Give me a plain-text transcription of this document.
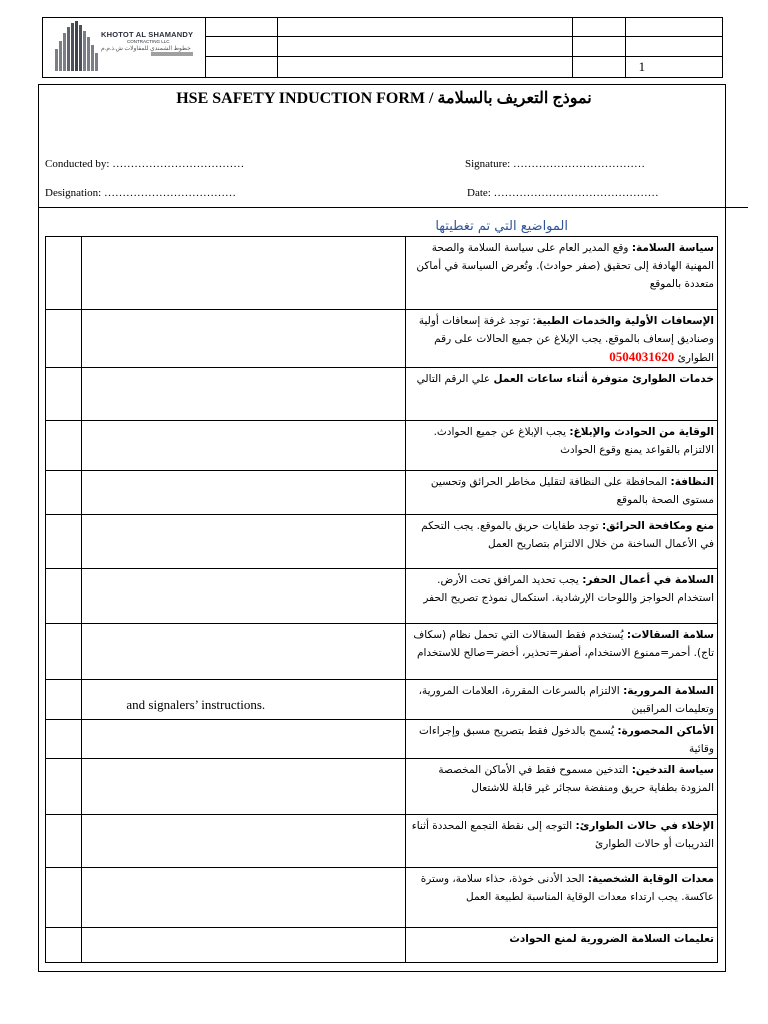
				1
KHOTOT AL SHAMANDY
CONTRACTING LLC
خطوط الشمندي للمقاولات ش.ذ.م.م
HSE SAFETY INDUCTION FORM / نموذج التعريف بالسلامة
Conducted by: ………………………………	Signature: ………………………………
Designation: ………………………………	Date: ………………………………………
المواضيع التي تم تغطيتها

	سياسة السلامة: وقع المدير العام على سياسة السلامة والصحة المهنية الهادفة إلى تحقيق (صفر حوادث). وتُعرض السياسة في أماكن متعددة بالموقع

	الإسعافات الأولية والخدمات الطبية: توجد غرفة إسعافات أولية وصناديق إسعاف بالموقع. يجب الإبلاغ عن جميع الحالات على رقم الطوارئ 0504031620

	خدمات الطوارئ متوفرة أثناء ساعات العمل علي الرقم التالي

	الوقاية من الحوادث والإبلاغ: يجب الإبلاغ عن جميع الحوادث. الالتزام بالقواعد يمنع وقوع الحوادث

	النظافة: المحافظة على النظافة لتقليل مخاطر الحرائق وتحسين مستوى الصحة بالموقع

	منع ومكافحة الحرائق: توجد طفايات حريق بالموقع. يجب التحكم في الأعمال الساخنة من خلال الالتزام بتصاريح العمل

	السلامة في أعمال الحفر: يجب تحديد المرافق تحت الأرض. استخدام الحواجز واللوحات الإرشادية. استكمال نموذج تصريح الحفر

	سلامة السقالات: يُستخدم فقط السقالات التي تحمل نظام (سكاف تاج). أحمر=ممنوع الاستخدام، أصفر=تحذير، أخضر=صالح للاستخدام

	and signalers’ instructions.	السلامة المرورية: الالتزام بالسرعات المقررة، العلامات المرورية، وتعليمات المراقبين

	الأماكن المحصورة: يُسمح بالدخول فقط بتصريح مسبق وإجراءات وقائية

	سياسة التدخين: التدخين مسموح فقط في الأماكن المخصصة المزودة بطفاية حريق ومنفضة سجائر غير قابلة للاشتعال

	الإخلاء في حالات الطوارئ: التوجه إلى نقطة التجمع المحددة أثناء التدريبات أو حالات الطوارئ

	معدات الوقاية الشخصية: الحد الأدنى خوذة، حذاء سلامة، وسترة عاكسة. يجب ارتداء معدات الوقاية المناسبة لطبيعة العمل

	تعليمات السلامة الضرورية لمنع الحوادث
